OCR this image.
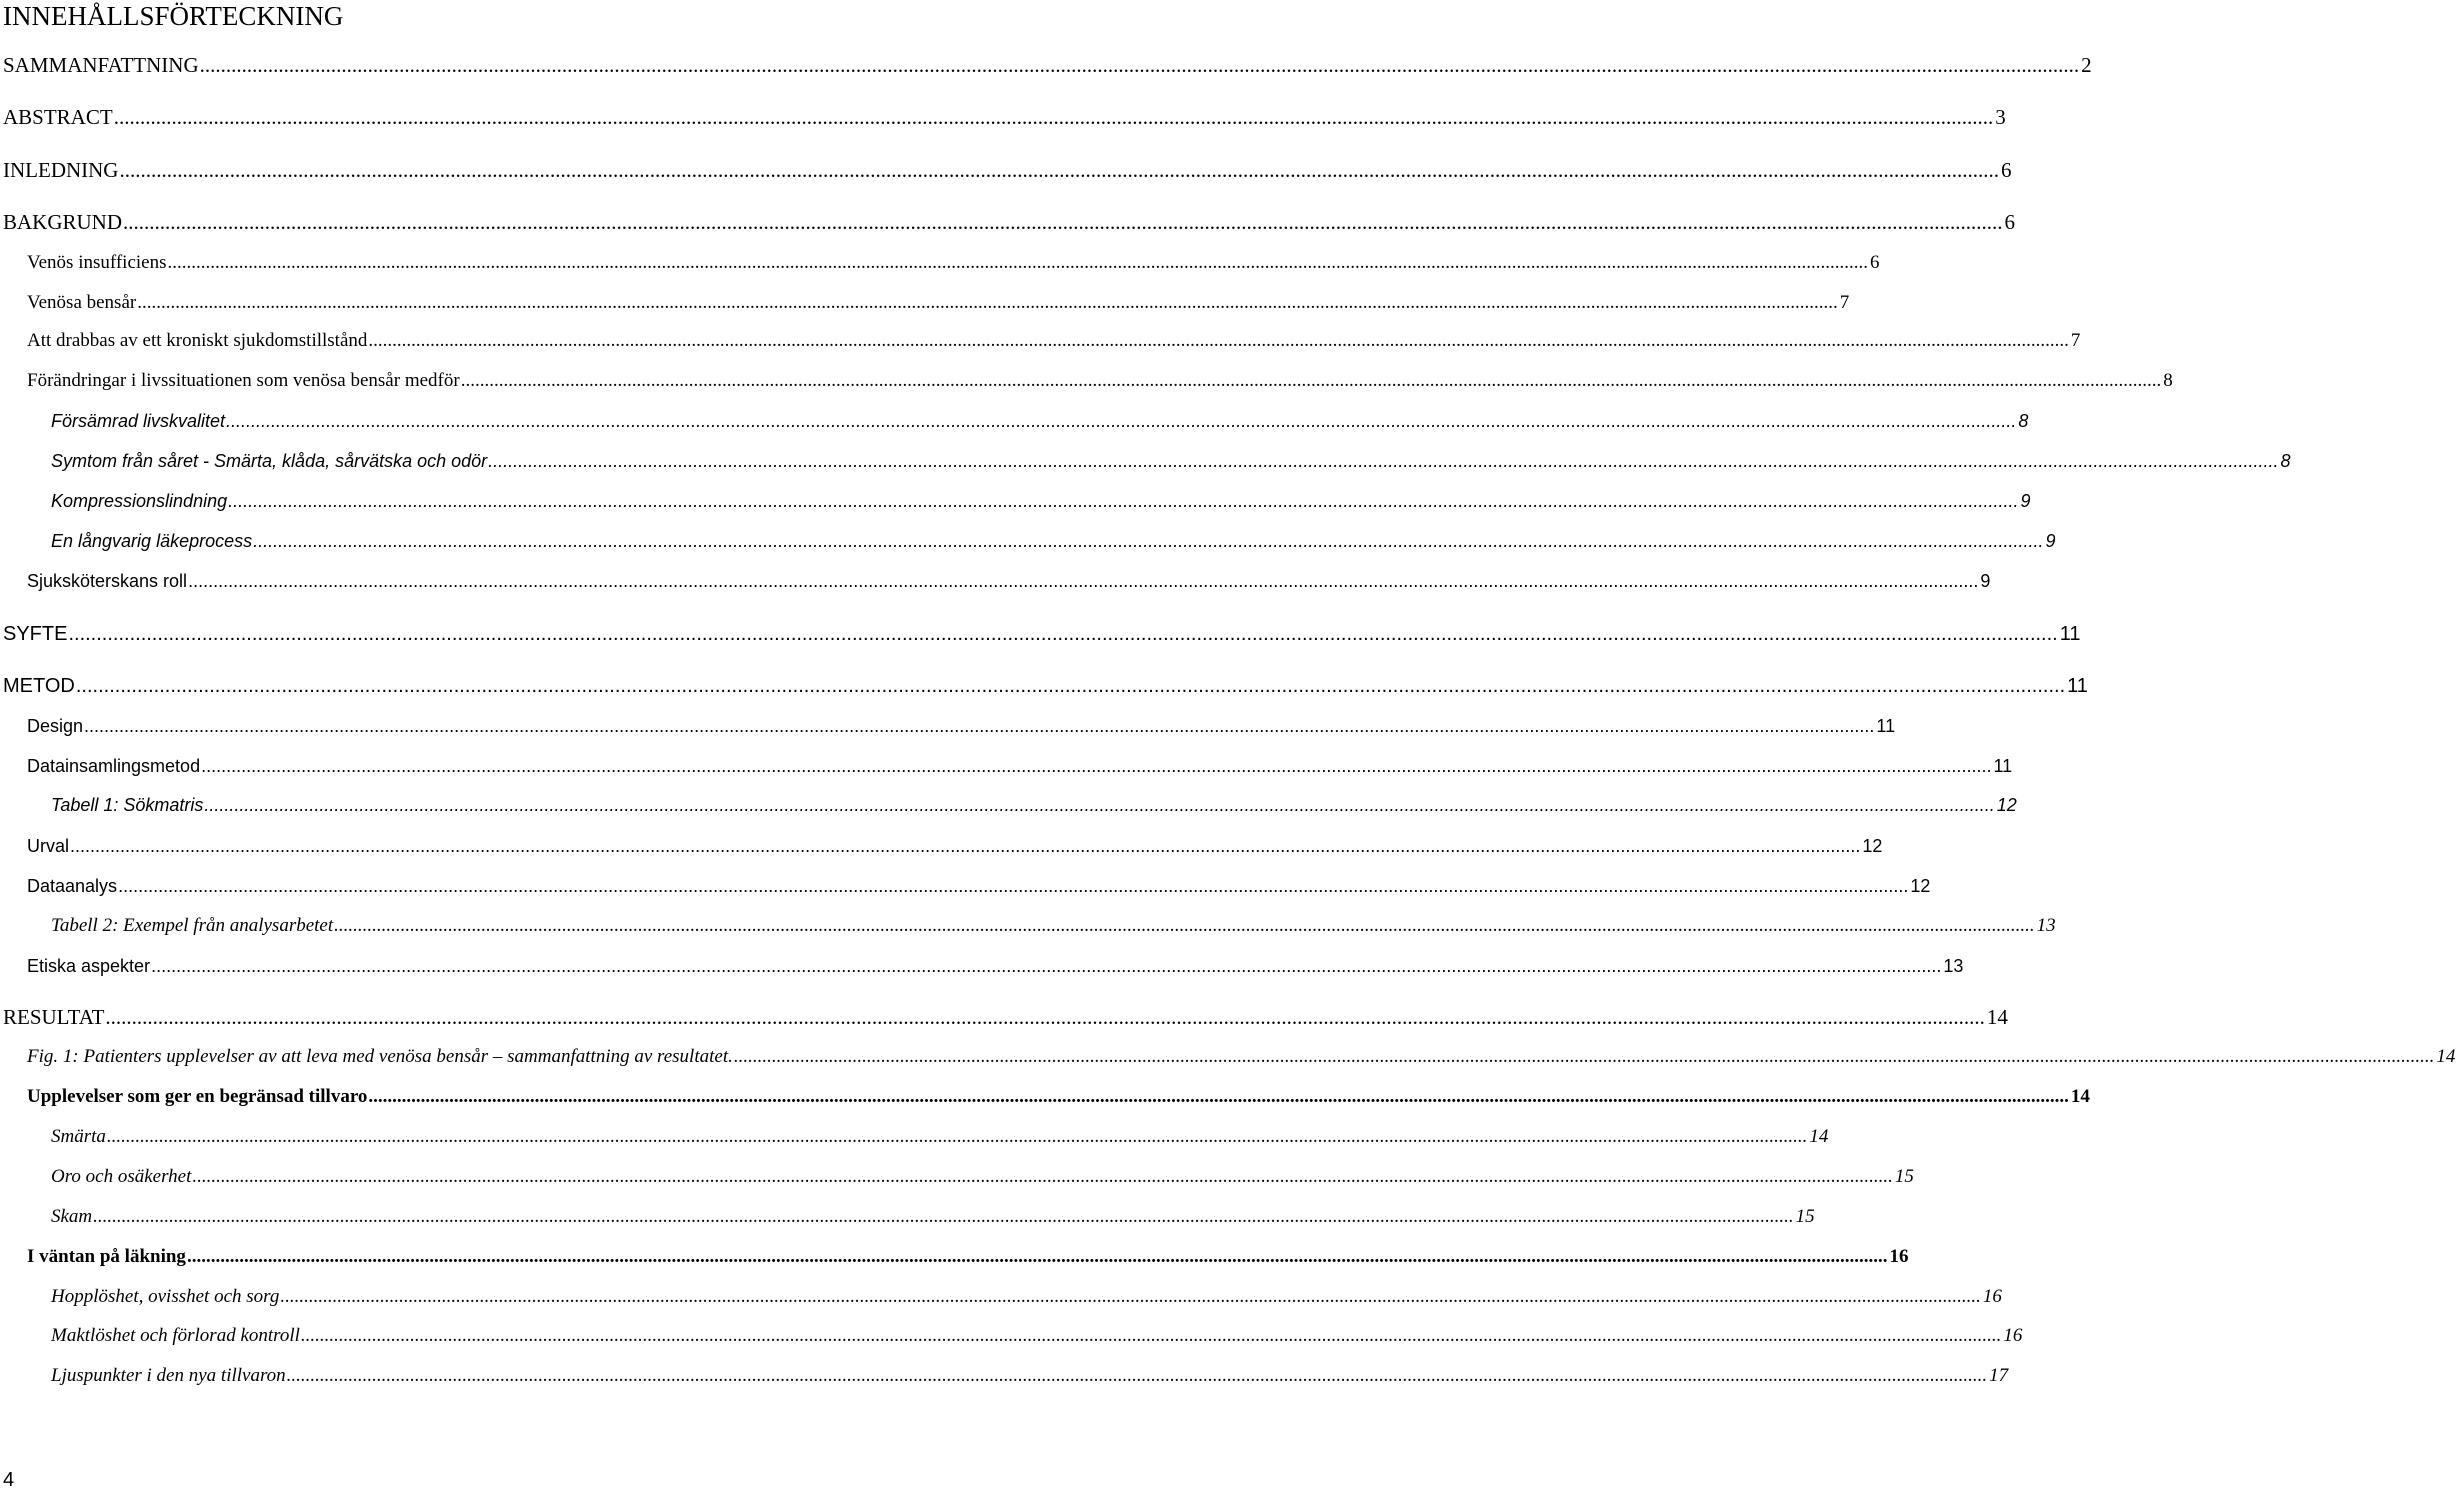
INNEHÅLLSFÖRTECKNING
SAMMANFATTNING .....	2
ABSTRACT .....	3
INLEDNING .....	6
BAKGRUND .....	6
Venös insufficiens .....	6
Venösa bensår .....	7
Att drabbas av ett kroniskt sjukdomstillstånd .....	7
Förändringar i livssituationen som venösa bensår medför .....	8
Försämrad livskvalitet .....	8
Symtom från såret - Smärta, klåda, sårvätska och odör .....	8
Kompressionslindning .....	9
En långvarig läkeprocess .....	9
Sjuksköterskans roll .....	9
SYFTE .....	11
METOD .....	11
Design .....	11
Datainsamlingsmetod .....	11
Tabell 1: Sökmatris .....	12
Urval .....	12
Dataanalys .....	12
Tabell 2: Exempel från analysarbetet .....	13
Etiska aspekter .....	13
RESULTAT .....	14
Fig. 1: Patienters upplevelser av att leva med venösa bensår – sammanfattning av resultatet. .....	14
Upplevelser som ger en begränsad tillvaro .....	14
Smärta .....	14
Oro och osäkerhet .....	15
Skam .....	15
I väntan på läkning .....	16
Hopplöshet, ovisshet och sorg .....	16
Maktlöshet och förlorad kontroll .....	16
Ljuspunkter i den nya tillvaron .....	17
4
